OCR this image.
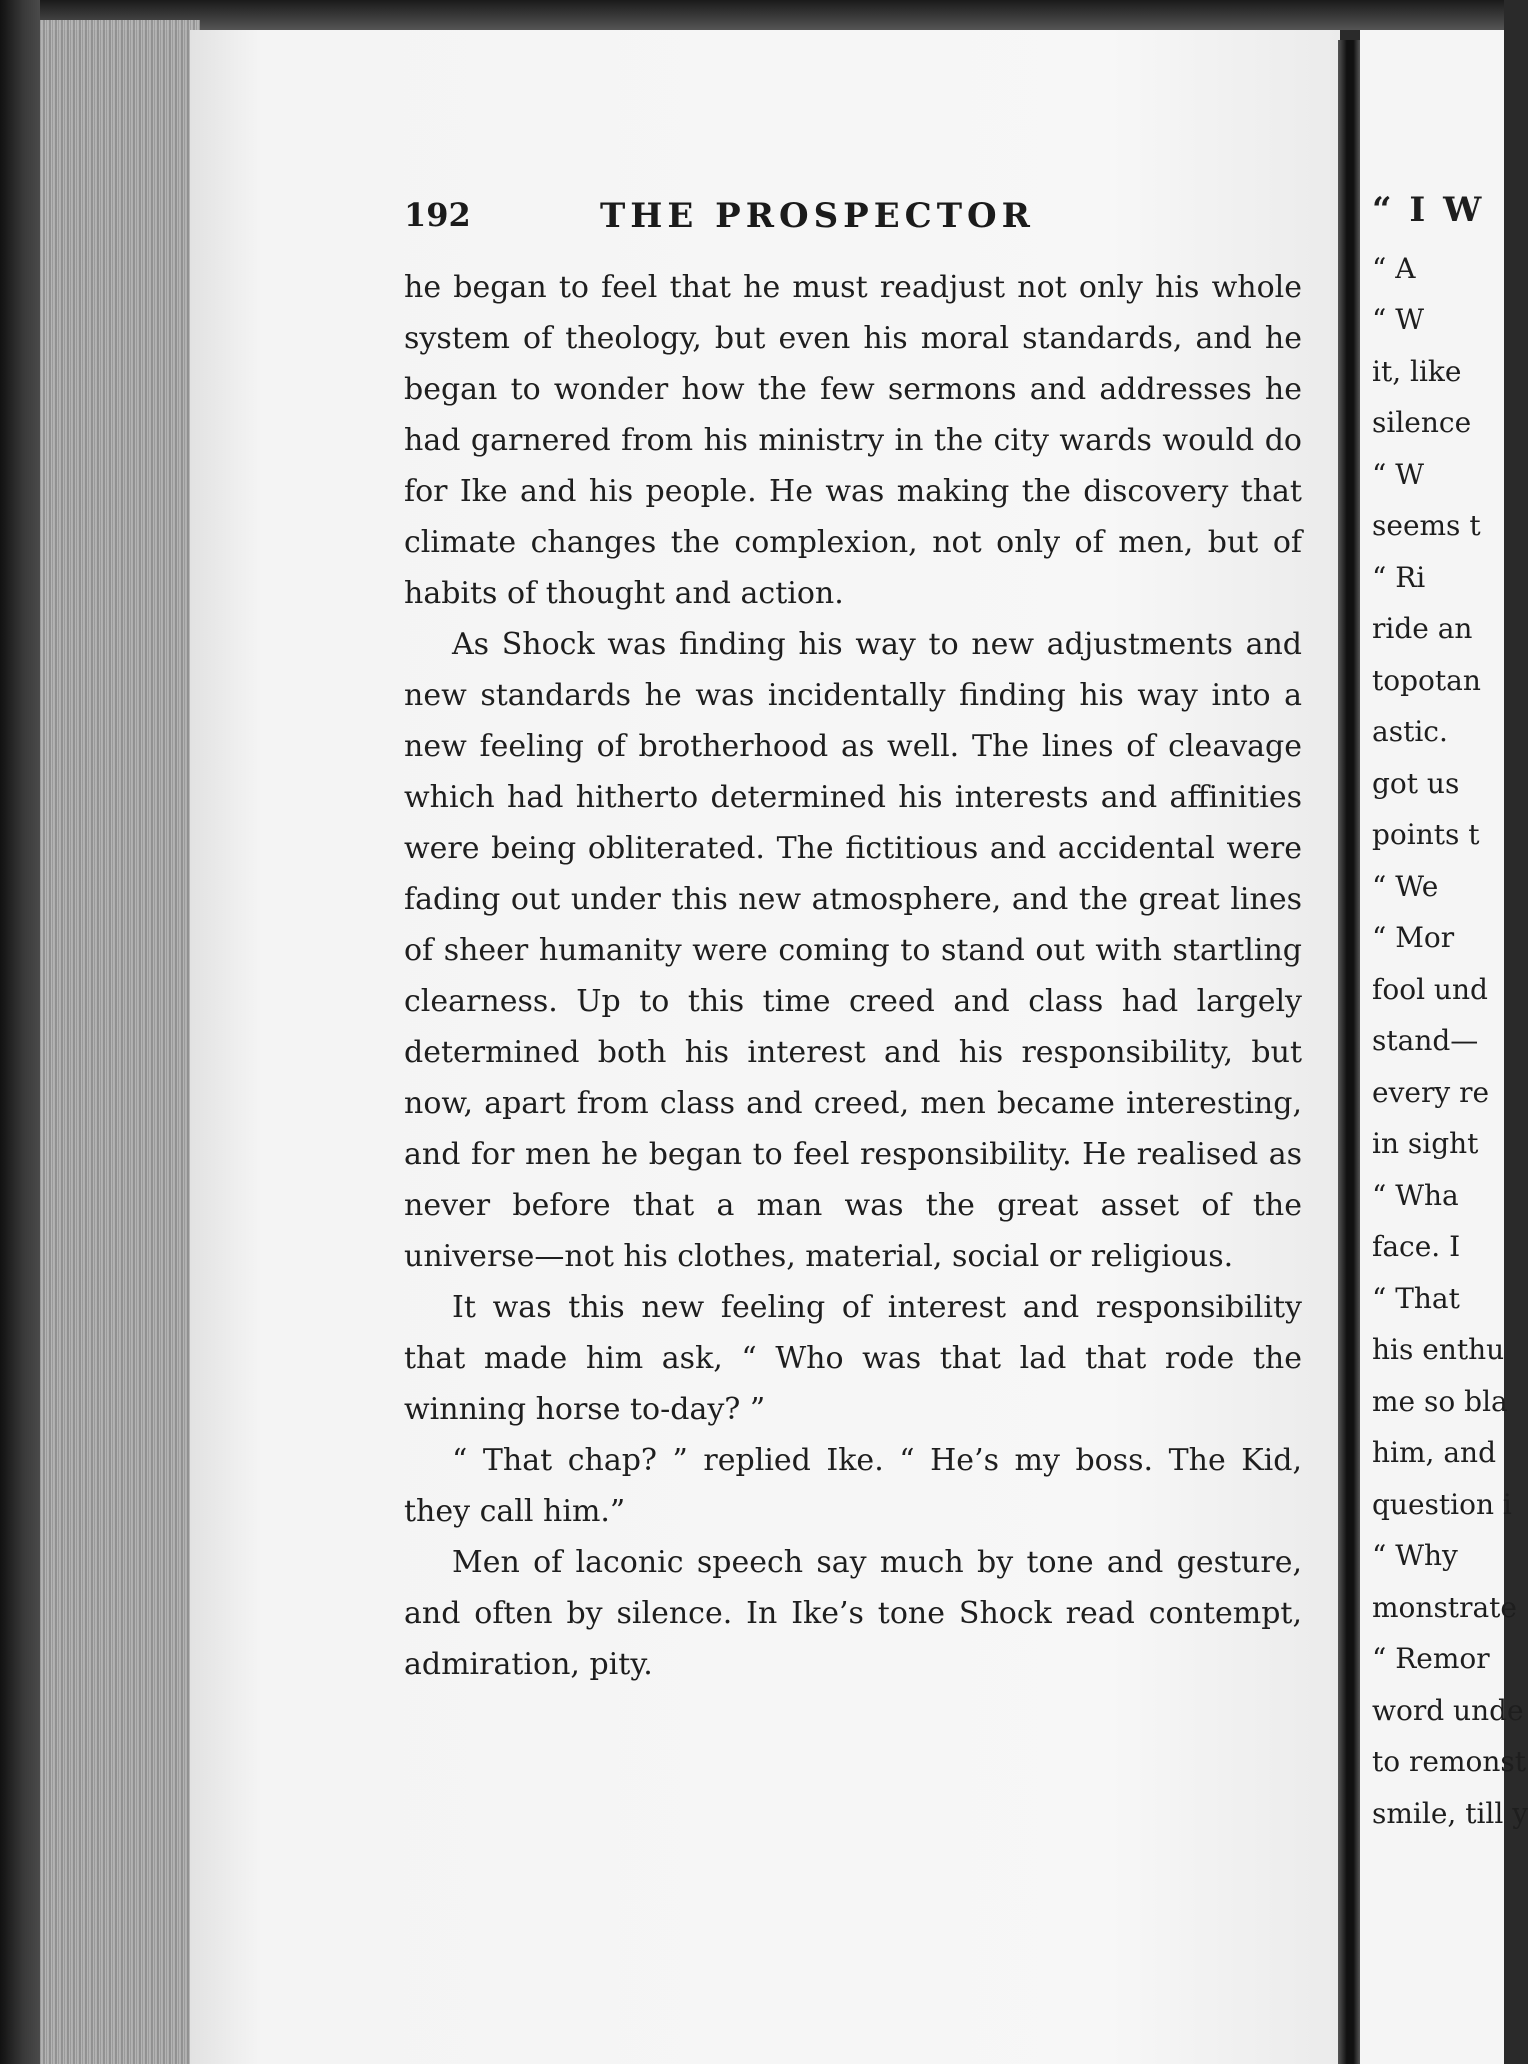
192	THE PROSPECTOR

he began to feel that he must readjust not only his whole system of theology, but even his moral standards, and he began to wonder how the few sermons and addresses he had garnered from his ministry in the city wards would do for Ike and his people. He was making the discovery that climate changes the complexion, not only of men, but of habits of thought and action.

As Shock was finding his way to new adjustments and new standards he was incidentally finding his way into a new feeling of brotherhood as well. The lines of cleavage which had hitherto determined his interests and affinities were being obliterated. The fictitious and accidental were fading out under this new atmosphere, and the great lines of sheer humanity were coming to stand out with startling clearness. Up to this time creed and class had largely determined both his interest and his responsibility, but now, apart from class and creed, men became interesting, and for men he began to feel responsibility. He realised as never before that a man was the great asset of the universe—not his clothes, material, social or religious.

It was this new feeling of interest and responsibility that made him ask, “ Who was that lad that rode the winning horse to-day? ”

“ That chap? ” replied Ike. “ He’s my boss. The Kid, they call him.”

Men of laconic speech say much by tone and gesture, and often by silence. In Ike’s tone Shock read contempt, admiration, pity.

“ I W
“ A
“ W
it, like
silence
“ W
seems t
“ Ri
ride an
topotan
astic.
got us
points t
“ We
“ Mor
fool und
stand—
every re
in sight
“ Wha
face. I
“ That
his enthu
me so bla
him, and
question i
“ Why
monstrate
“ Remor
word unde
to remonst
smile, till y
